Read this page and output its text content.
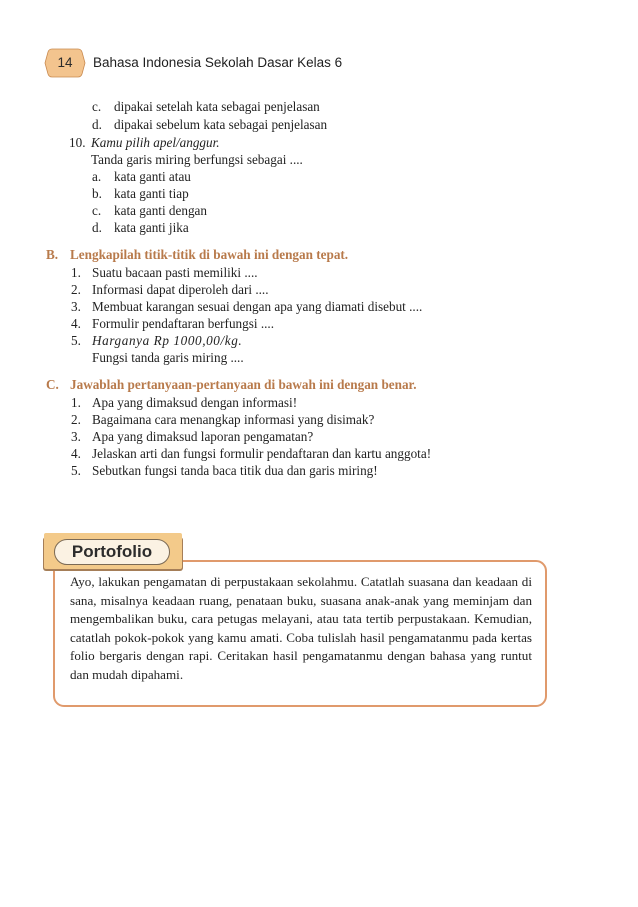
14	Bahasa Indonesia Sekolah Dasar Kelas 6
c. dipakai setelah kata sebagai penjelasan
d. dipakai sebelum kata sebagai penjelasan
10. Kamu pilih apel/anggur.
Tanda garis miring berfungsi sebagai ....
a. kata ganti atau
b. kata ganti tiap
c. kata ganti dengan
d. kata ganti jika
B. Lengkapilah titik-titik di bawah ini dengan tepat.
1. Suatu bacaan pasti memiliki ....
2. Informasi dapat diperoleh dari ....
3. Membuat karangan sesuai dengan apa yang diamati disebut ....
4. Formulir pendaftaran berfungsi ....
5. Harganya Rp 1000,00/kg.
Fungsi tanda garis miring ....
C. Jawablah pertanyaan-pertanyaan di bawah ini dengan benar.
1. Apa yang dimaksud dengan informasi!
2. Bagaimana cara menangkap informasi yang disimak?
3. Apa yang dimaksud laporan pengamatan?
4. Jelaskan arti dan fungsi formulir pendaftaran dan kartu anggota!
5. Sebutkan fungsi tanda baca titik dua dan garis miring!
Portofolio
Ayo, lakukan pengamatan di perpustakaan sekolahmu. Catatlah suasana dan keadaan di sana, misalnya keadaan ruang, penataan buku, suasana anak-anak yang meminjam dan mengembalikan buku, cara petugas melayani, atau tata tertib perpustakaan. Kemudian, catatlah pokok-pokok yang kamu amati. Coba tulislah hasil pengamatanmu pada kertas folio bergaris dengan rapi. Ceritakan hasil pengamatanmu dengan bahasa yang runtut dan mudah dipahami.
